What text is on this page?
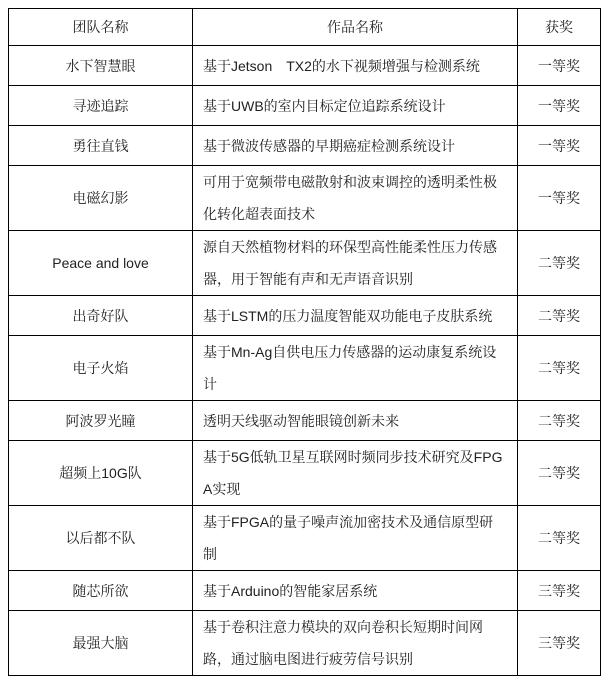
团队名称	作品名称	获奖
水下智慧眼	基于Jetson　TX2的水下视频增强与检测系统	一等奖
寻迹追踪	基于UWB的室内目标定位追踪系统设计	一等奖
勇往直钱	基于微波传感器的早期癌症检测系统设计	一等奖
电磁幻影	可用于宽频带电磁散射和波束调控的透明柔性极化转化超表面技术	一等奖
Peace and love	源自天然植物材料的环保型高性能柔性压力传感器，用于智能有声和无声语音识别	二等奖
出奇好队	基于LSTM的压力温度智能双功能电子皮肤系统	二等奖
电子火焰	基于Mn-Ag自供电压力传感器的运动康复系统设计	二等奖
阿波罗光瞳	透明天线驱动智能眼镜创新未来	二等奖
超频上10G队	基于5G低轨卫星互联网时频同步技术研究及FPGA实现	二等奖
以后都不队	基于FPGA的量子噪声流加密技术及通信原型研制	二等奖
随芯所欲	基于Arduino的智能家居系统	三等奖
最强大脑	基于卷积注意力模块的双向卷积长短期时间网路，通过脑电图进行疲劳信号识别	三等奖
